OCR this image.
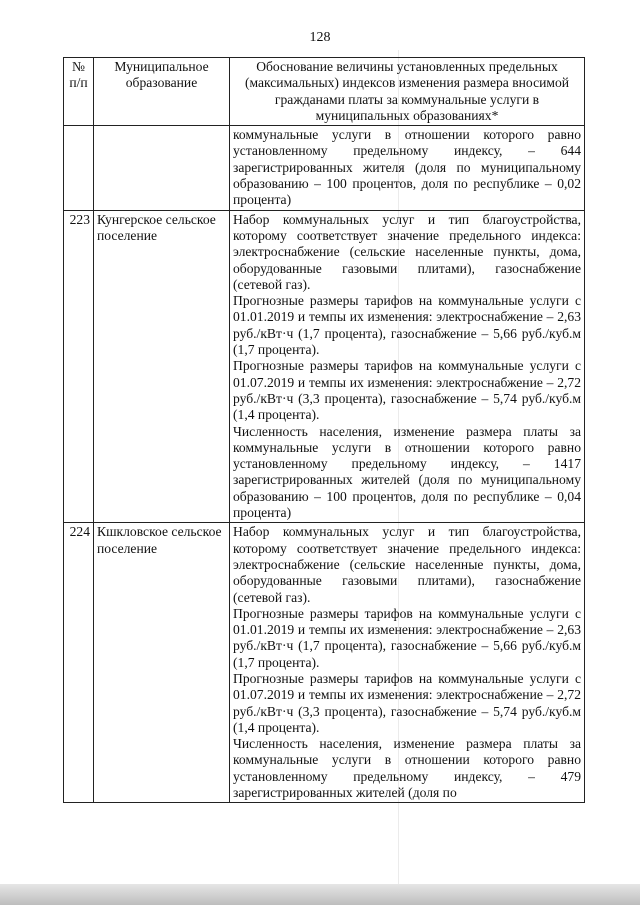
128
№ п/п	Муниципальное образование	Обоснование величины установленных предельных (максимальных) индексов изменения размера вносимой гражданами платы за коммунальные услуги в муниципальных образованиях*

		коммунальные услуги в отношении которого равно установленному предельному индексу, – 644 зарегистрированных жителя (доля по муниципальному образованию – 100 процентов, доля по республике – 0,02 процента)

223	Кунгерское сельское поселение	Набор коммунальных услуг и тип благоустройства, которому соответствует значение предельного индекса: электроснабжение (сельские населенные пункты, дома, оборудованные газовыми плитами), газоснабжение (сетевой газ).

Прогнозные размеры тарифов на коммунальные услуги с 01.01.2019 и темпы их изменения: электроснабжение – 2,63 руб./кВт·ч (1,7 процента), газоснабжение – 5,66 руб./куб.м (1,7 процента).

Прогнозные размеры тарифов на коммунальные услуги с 01.07.2019 и темпы их изменения: электроснабжение – 2,72 руб./кВт·ч (3,3 процента), газоснабжение – 5,74 руб./куб.м (1,4 процента).

Численность населения, изменение размера платы за коммунальные услуги в отношении которого равно установленному предельному индексу, – 1417 зарегистрированных жителей (доля по муниципальному образованию – 100 процентов, доля по республике – 0,04 процента)

224	Кшкловское сельское поселение	Набор коммунальных услуг и тип благоустройства, которому соответствует значение предельного индекса: электроснабжение (сельские населенные пункты, дома, оборудованные газовыми плитами), газоснабжение (сетевой газ).

Прогнозные размеры тарифов на коммунальные услуги с 01.01.2019 и темпы их изменения: электроснабжение – 2,63 руб./кВт·ч (1,7 процента), газоснабжение – 5,66 руб./куб.м (1,7 процента).

Прогнозные размеры тарифов на коммунальные услуги с 01.07.2019 и темпы их изменения: электроснабжение – 2,72 руб./кВт·ч (3,3 процента), газоснабжение – 5,74 руб./куб.м (1,4 процента).

Численность населения, изменение размера платы за коммунальные услуги в отношении которого равно установленному предельному индексу, – 479 зарегистрированных жителей (доля по
